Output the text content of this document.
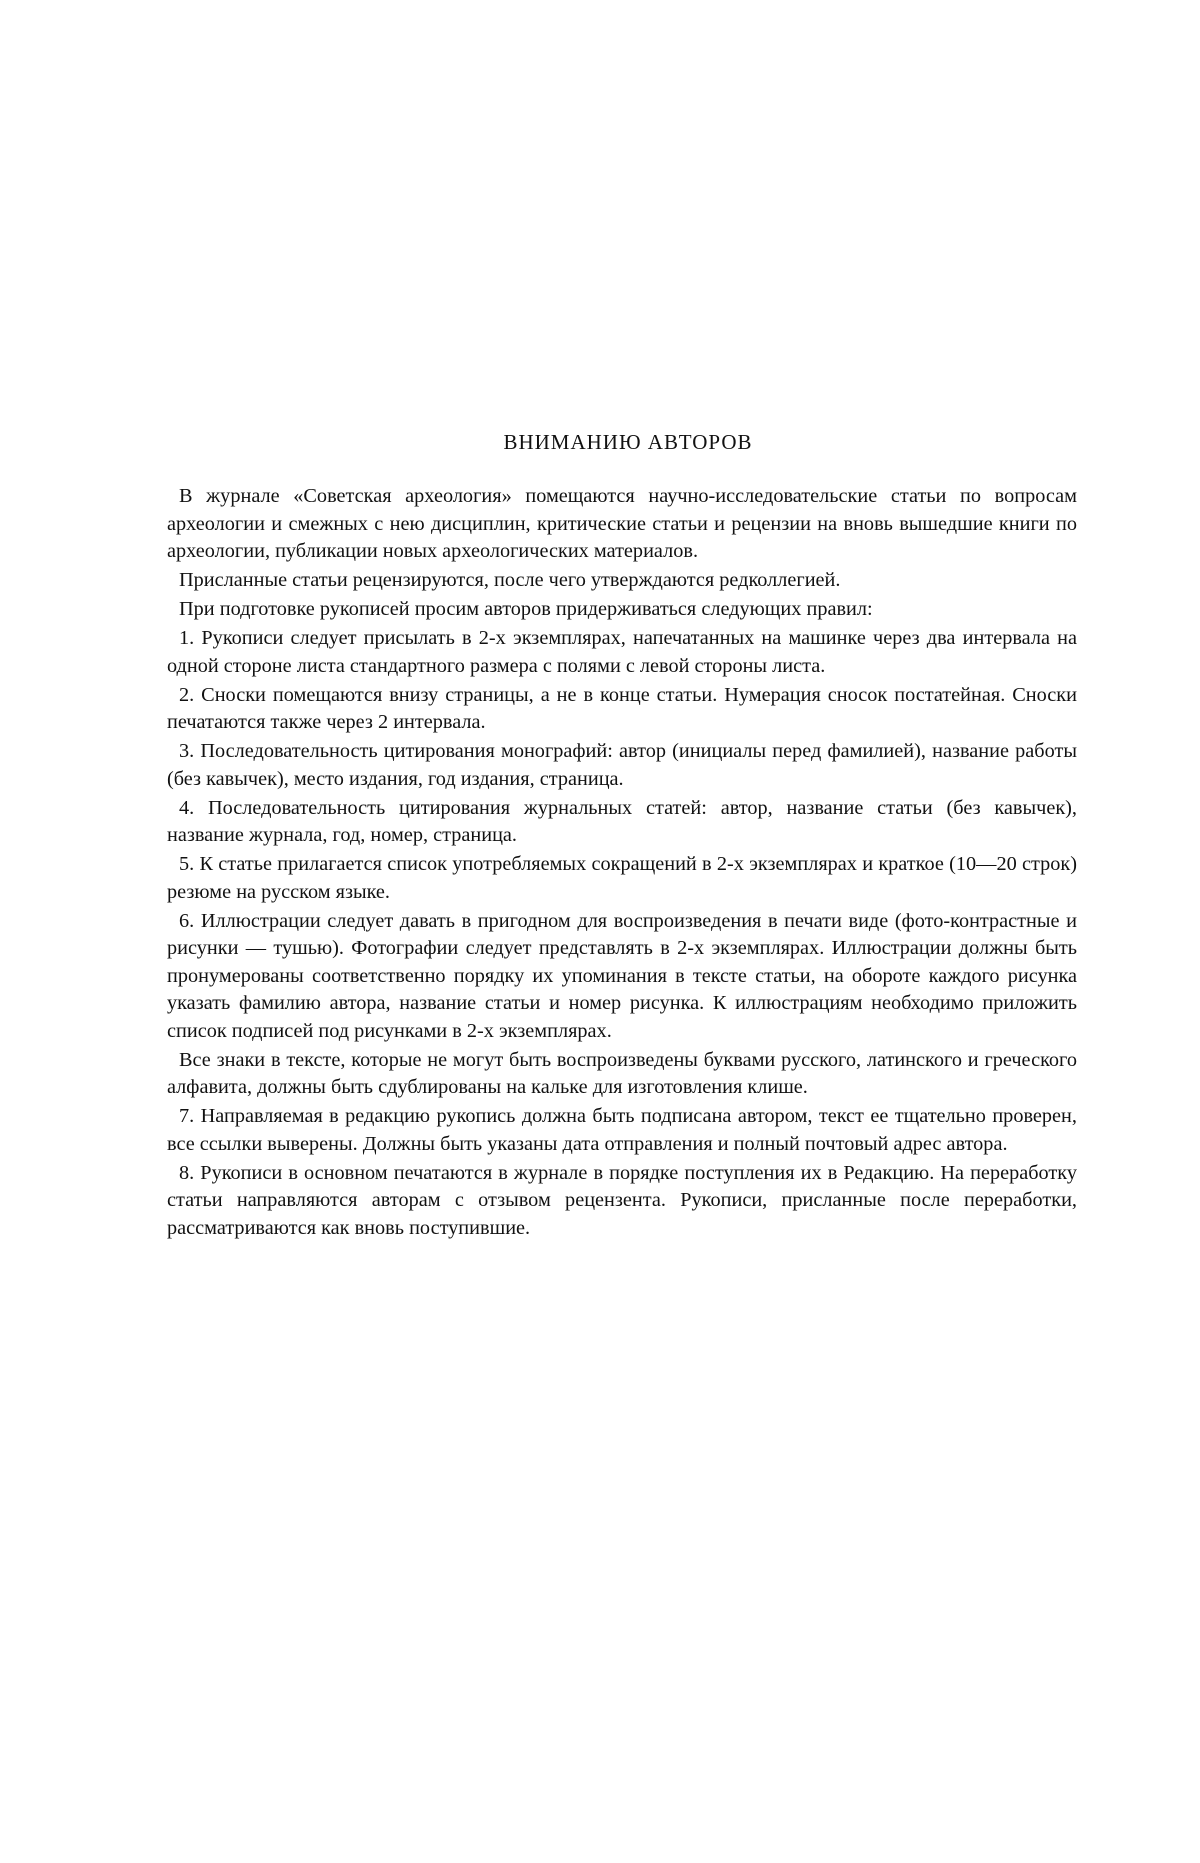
ВНИМАНИЮ АВТОРОВ

В журнале «Советская археология» помещаются научно-исследовательские статьи по вопросам археологии и смежных с нею дисциплин, критические статьи и рецензии на вновь вышедшие книги по археологии, публикации новых археологических материалов.

Присланные статьи рецензируются, после чего утверждаются редколлегией.

При подготовке рукописей просим авторов придерживаться следующих правил:

1. Рукописи следует присылать в 2-х экземплярах, напечатанных на машинке через два интервала на одной стороне листа стандартного размера с полями с левой стороны листа.

2. Сноски помещаются внизу страницы, а не в конце статьи. Нумерация сносок постатейная. Сноски печатаются также через 2 интервала.

3. Последовательность цитирования монографий: автор (инициалы перед фамилией), название работы (без кавычек), место издания, год издания, страница.

4. Последовательность цитирования журнальных статей: автор, название статьи (без кавычек), название журнала, год, номер, страница.

5. К статье прилагается список употребляемых сокращений в 2-х экземплярах и краткое (10—20 строк) резюме на русском языке.

6. Иллюстрации следует давать в пригодном для воспроизведения в печати виде (фото-контрастные и рисунки — тушью). Фотографии следует представлять в 2-х экземплярах. Иллюстрации должны быть пронумерованы соответственно порядку их упоминания в тексте статьи, на обороте каждого рисунка указать фамилию автора, название статьи и номер рисунка. К иллюстрациям необходимо приложить список подписей под рисунками в 2-х экземплярах.

Все знаки в тексте, которые не могут быть воспроизведены буквами русского, латинского и греческого алфавита, должны быть сдублированы на кальке для изготовления клише.

7. Направляемая в редакцию рукопись должна быть подписана автором, текст ее тщательно проверен, все ссылки выверены. Должны быть указаны дата отправления и полный почтовый адрес автора.

8. Рукописи в основном печатаются в журнале в порядке поступления их в Редакцию. На переработку статьи направляются авторам с отзывом рецензента. Рукописи, присланные после переработки, рассматриваются как вновь поступившие.
